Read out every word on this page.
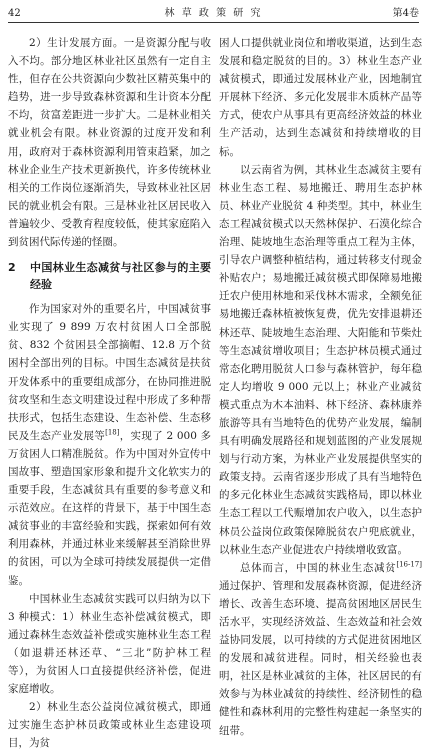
42	林 草 政 策 研 究	第4卷

2）生计发展方面。一是资源分配与收入不均。部分地区林业社区虽然有一定自主性，但存在公共资源向少数社区精英集中的趋势，进一步导致森林资源和生计资本分配不均，贫富差距进一步扩大。二是林业相关就业机会有限。林业资源的过度开发和利用，政府对于森林资源利用管束趋紧，加之林业企业生产技术更新换代，许多传统林业相关的工作岗位逐渐消失，导致林业社区居民的就业机会有限。三是林业社区居民收入普遍较少、受教育程度较低，使其家庭陷入到贫困代际传递的怪圈。

2	中国林业生态减贫与社区参与的主要经验

作为国家对外的重要名片，中国减贫事业实现了 9 899 万农村贫困人口全部脱贫、832 个贫困县全部摘帽、12.8 万个贫困村全部出列的目标。中国生态减贫是扶贫开发体系中的重要组成部分，在协同推进脱贫攻坚和生态文明建设过程中形成了多种帮扶形式，包括生态建设、生态补偿、生态移民及生态产业发展等[18]，实现了 2 000 多万贫困人口精准脱贫。作为中国对外宣传中国故事、塑造国家形象和提升文化软实力的重要手段，生态减贫具有重要的参考意义和示范效应。在这样的背景下，基于中国生态减贫事业的丰富经验和实践，探索如何有效利用森林，并通过林业来缓解甚至消除世界的贫困，可以为全球可持续发展提供一定借鉴。

中国林业生态减贫实践可以归纳为以下 3 种模式：1）林业生态补偿减贫模式，即通过森林生态效益补偿或实施林业生态工程（如退耕还林还草、“三北”防护林工程等），为贫困人口直接提供经济补偿，促进家庭增收。

2）林业生态公益岗位减贫模式，即通过实施生态护林员政策或林业生态建设项目，为贫

困人口提供就业岗位和增收渠道，达到生态发展和稳定脱贫的目的。3）林业生态产业减贫模式，即通过发展林业产业，因地制宜开展林下经济、多元化发展非木质林产品等方式，使农户从事具有更高经济效益的林业生产活动，达到生态减贫和持续增收的目标。

以云南省为例，其林业生态减贫主要有林业生态工程、易地搬迁、聘用生态护林员、林业产业脱贫 4 种类型。其中，林业生态工程减贫模式以天然林保护、石漠化综合治理、陡坡地生态治理等重点工程为主体，引导农户调整种植结构，通过转移支付现金补贴农户；易地搬迁减贫模式即保障易地搬迁农户使用林地和采伐林木需求，全额免征易地搬迁森林植被恢复费，优先安排退耕还林还草、陡坡地生态治理、大阳能和节柴灶等生态减贫增收项目；生态护林员模式通过常态化聘用脱贫人口参与森林管护，每年稳定人均增收 9 000 元以上；林业产业减贫模式重点为木本油料、林下经济、森林康养旅游等具有当地特色的优势产业发展，编制具有明确发展路径和规划蓝图的产业发展规划与行动方案，为林业产业发展提供坚实的政策支持。云南省逐步形成了具有当地特色的多元化林业生态减贫实践格局，即以林业生态工程以工代赈增加农户收入，以生态护林员公益岗位政策保障脱贫农户兜底就业，以林业生态产业促进农户持续增收致富。

总体而言，中国的林业生态减贫[16-17]通过保护、管理和发展森林资源，促进经济增长、改善生态环境、提高贫困地区居民生活水平，实现经济效益、生态效益和社会效益协同发展，以可持续的方式促进贫困地区的发展和减贫进程。同时，相关经验也表明，社区是林业减贫的主体，社区居民的有效参与为林业减贫的持续性、经济韧性的稳健性和森林利用的完整性构建起一条坚实的纽带。
